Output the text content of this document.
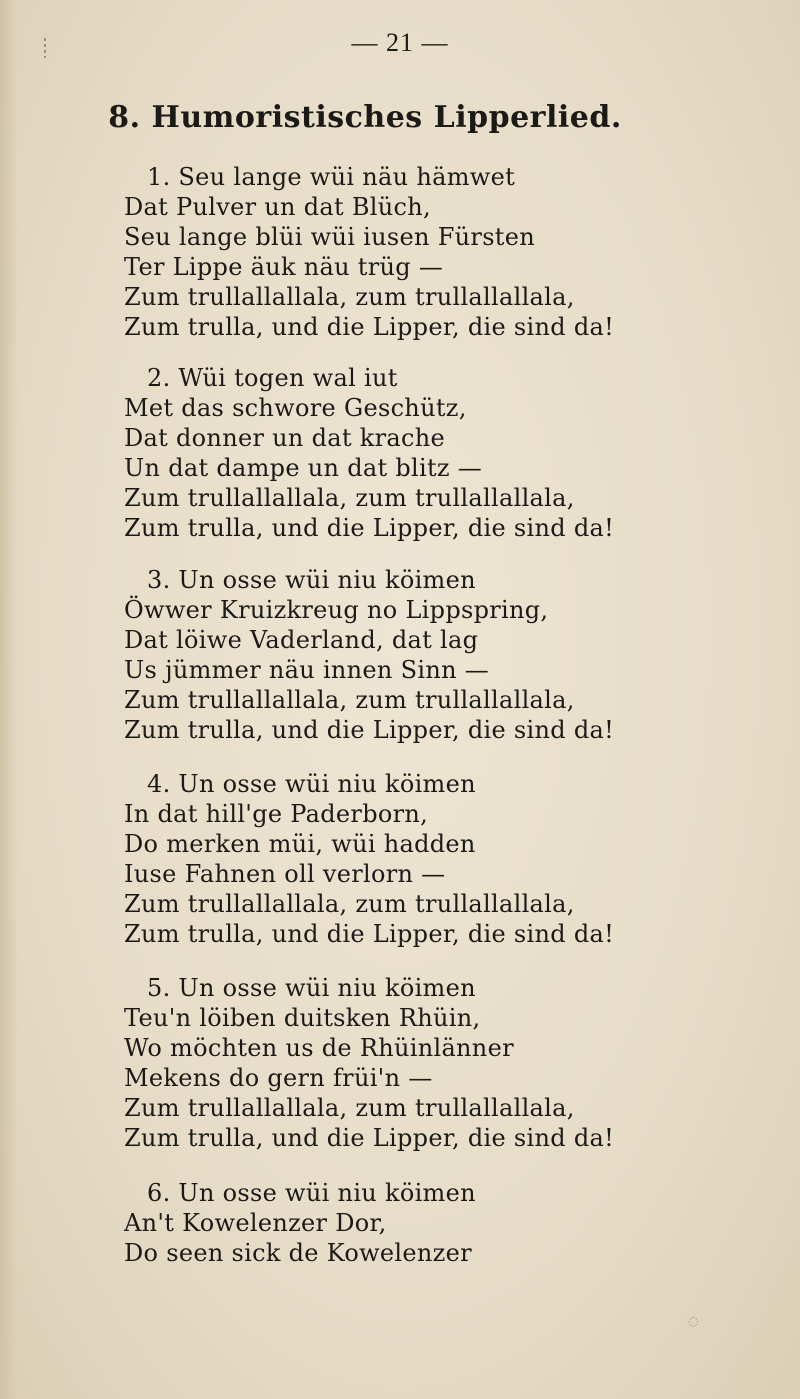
— 21 —
8. Humoristisches Lipperlied.
1. Seu lange wüi näu hämwet
Dat Pulver un dat Blüch,
Seu lange blüi wüi iusen Fürsten
Ter Lippe äuk näu trüg —
Zum trullallallala, zum trullallallala,
Zum trulla, und die Lipper, die sind da!
2. Wüi togen wal iut
Met das schwore Geschütz,
Dat donner un dat krache
Un dat dampe un dat blitz —
Zum trullallallala, zum trullallallala,
Zum trulla, und die Lipper, die sind da!
3. Un osse wüi niu köimen
Öwwer Kruizkreug no Lippspring,
Dat löiwe Vaderland, dat lag
Us jümmer näu innen Sinn —
Zum trullallallala, zum trullallallala,
Zum trulla, und die Lipper, die sind da!
4. Un osse wüi niu köimen
In dat hill'ge Paderborn,
Do merken müi, wüi hadden
Iuse Fahnen oll verlorn —
Zum trullallallala, zum trullallallala,
Zum trulla, und die Lipper, die sind da!
5. Un osse wüi niu köimen
Teu'n löiben duitsken Rhüin,
Wo möchten us de Rhüinlänner
Mekens do gern früi'n —
Zum trullallallala, zum trullallallala,
Zum trulla, und die Lipper, die sind da!
6. Un osse wüi niu köimen
An't Kowelenzer Dor,
Do seen sick de Kowelenzer
◌
